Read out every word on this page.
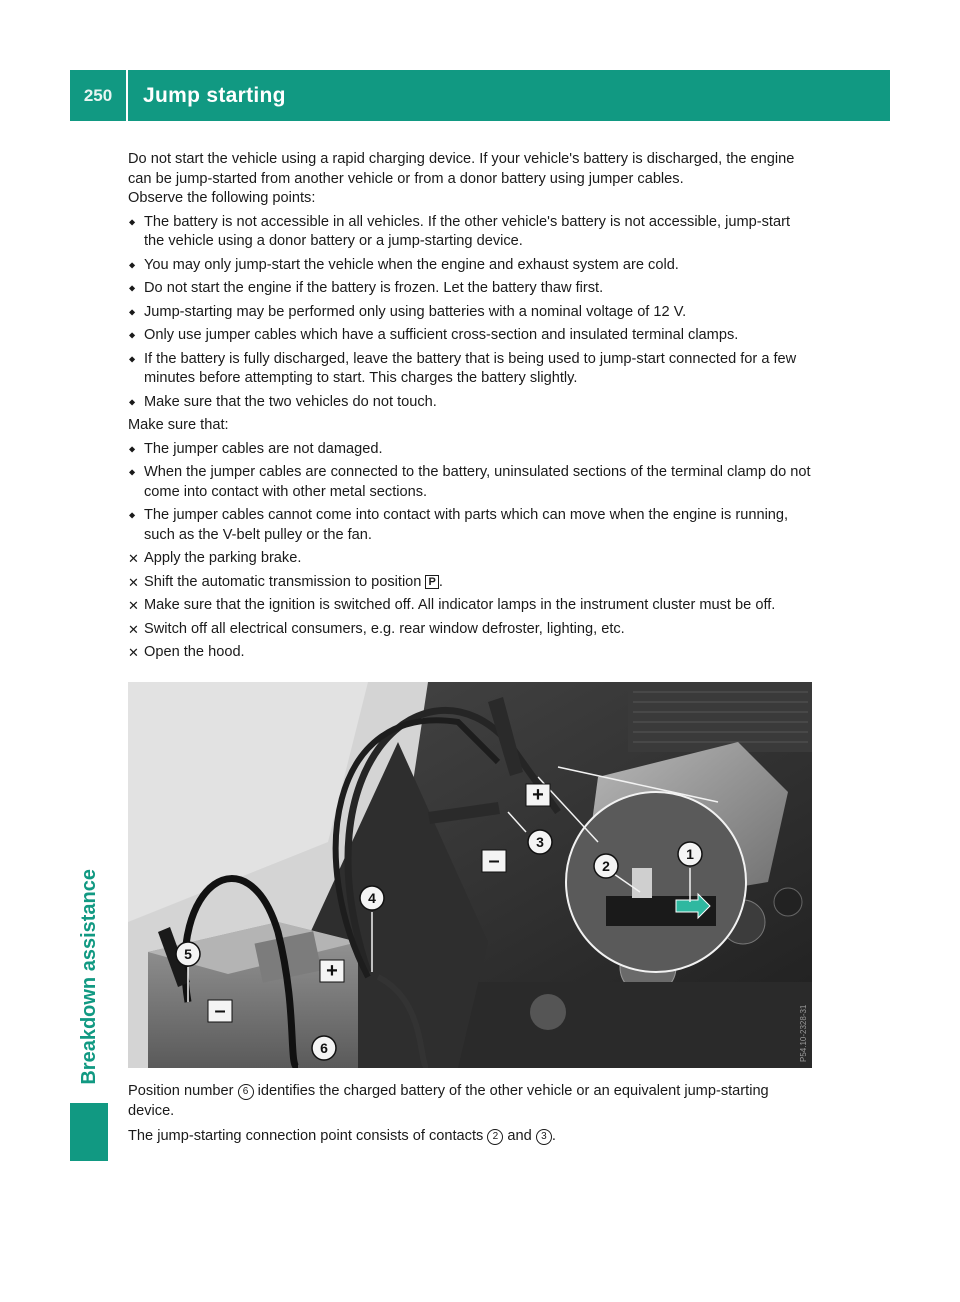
250	Jump starting
Breakdown assistance

Do not start the vehicle using a rapid charging device. If your vehicle's battery is discharged, the engine can be jump-started from another vehicle or from a donor battery using jumper cables.

Observe the following points:

■ The battery is not accessible in all vehicles. If the other vehicle's battery is not accessible, jump-start the vehicle using a donor battery or a jump-starting device.
■ You may only jump-start the vehicle when the engine and exhaust system are cold.
■ Do not start the engine if the battery is frozen. Let the battery thaw first.
■ Jump-starting may be performed only using batteries with a nominal voltage of 12 V.
■ Only use jumper cables which have a sufficient cross-section and insulated terminal clamps.
■ If the battery is fully discharged, leave the battery that is being used to jump-start connected for a few minutes before attempting to start. This charges the battery slightly.
■ Make sure that the two vehicles do not touch.

Make sure that:

■ The jumper cables are not damaged.
■ When the jumper cables are connected to the battery, uninsulated sections of the terminal clamp do not come into contact with other metal sections.
■ The jumper cables cannot come into contact with parts which can move when the engine is running, such as the V-belt pulley or the fan.
✕ Apply the parking brake.
✕ Shift the automatic transmission to position P .
✕ Make sure that the ignition is switched off. All indicator lamps in the instrument cluster must be off.
✕ Switch off all electrical consumers, e.g. rear window defroster, lighting, etc.
✕ Open the hood.
+
–
+
–
1
2
3
4
5
6	P54.10-2328-31

Position number 6 identifies the charged battery of the other vehicle or an equivalent jump-starting device.

The jump-starting connection point consists of contacts 2 and 3 .
